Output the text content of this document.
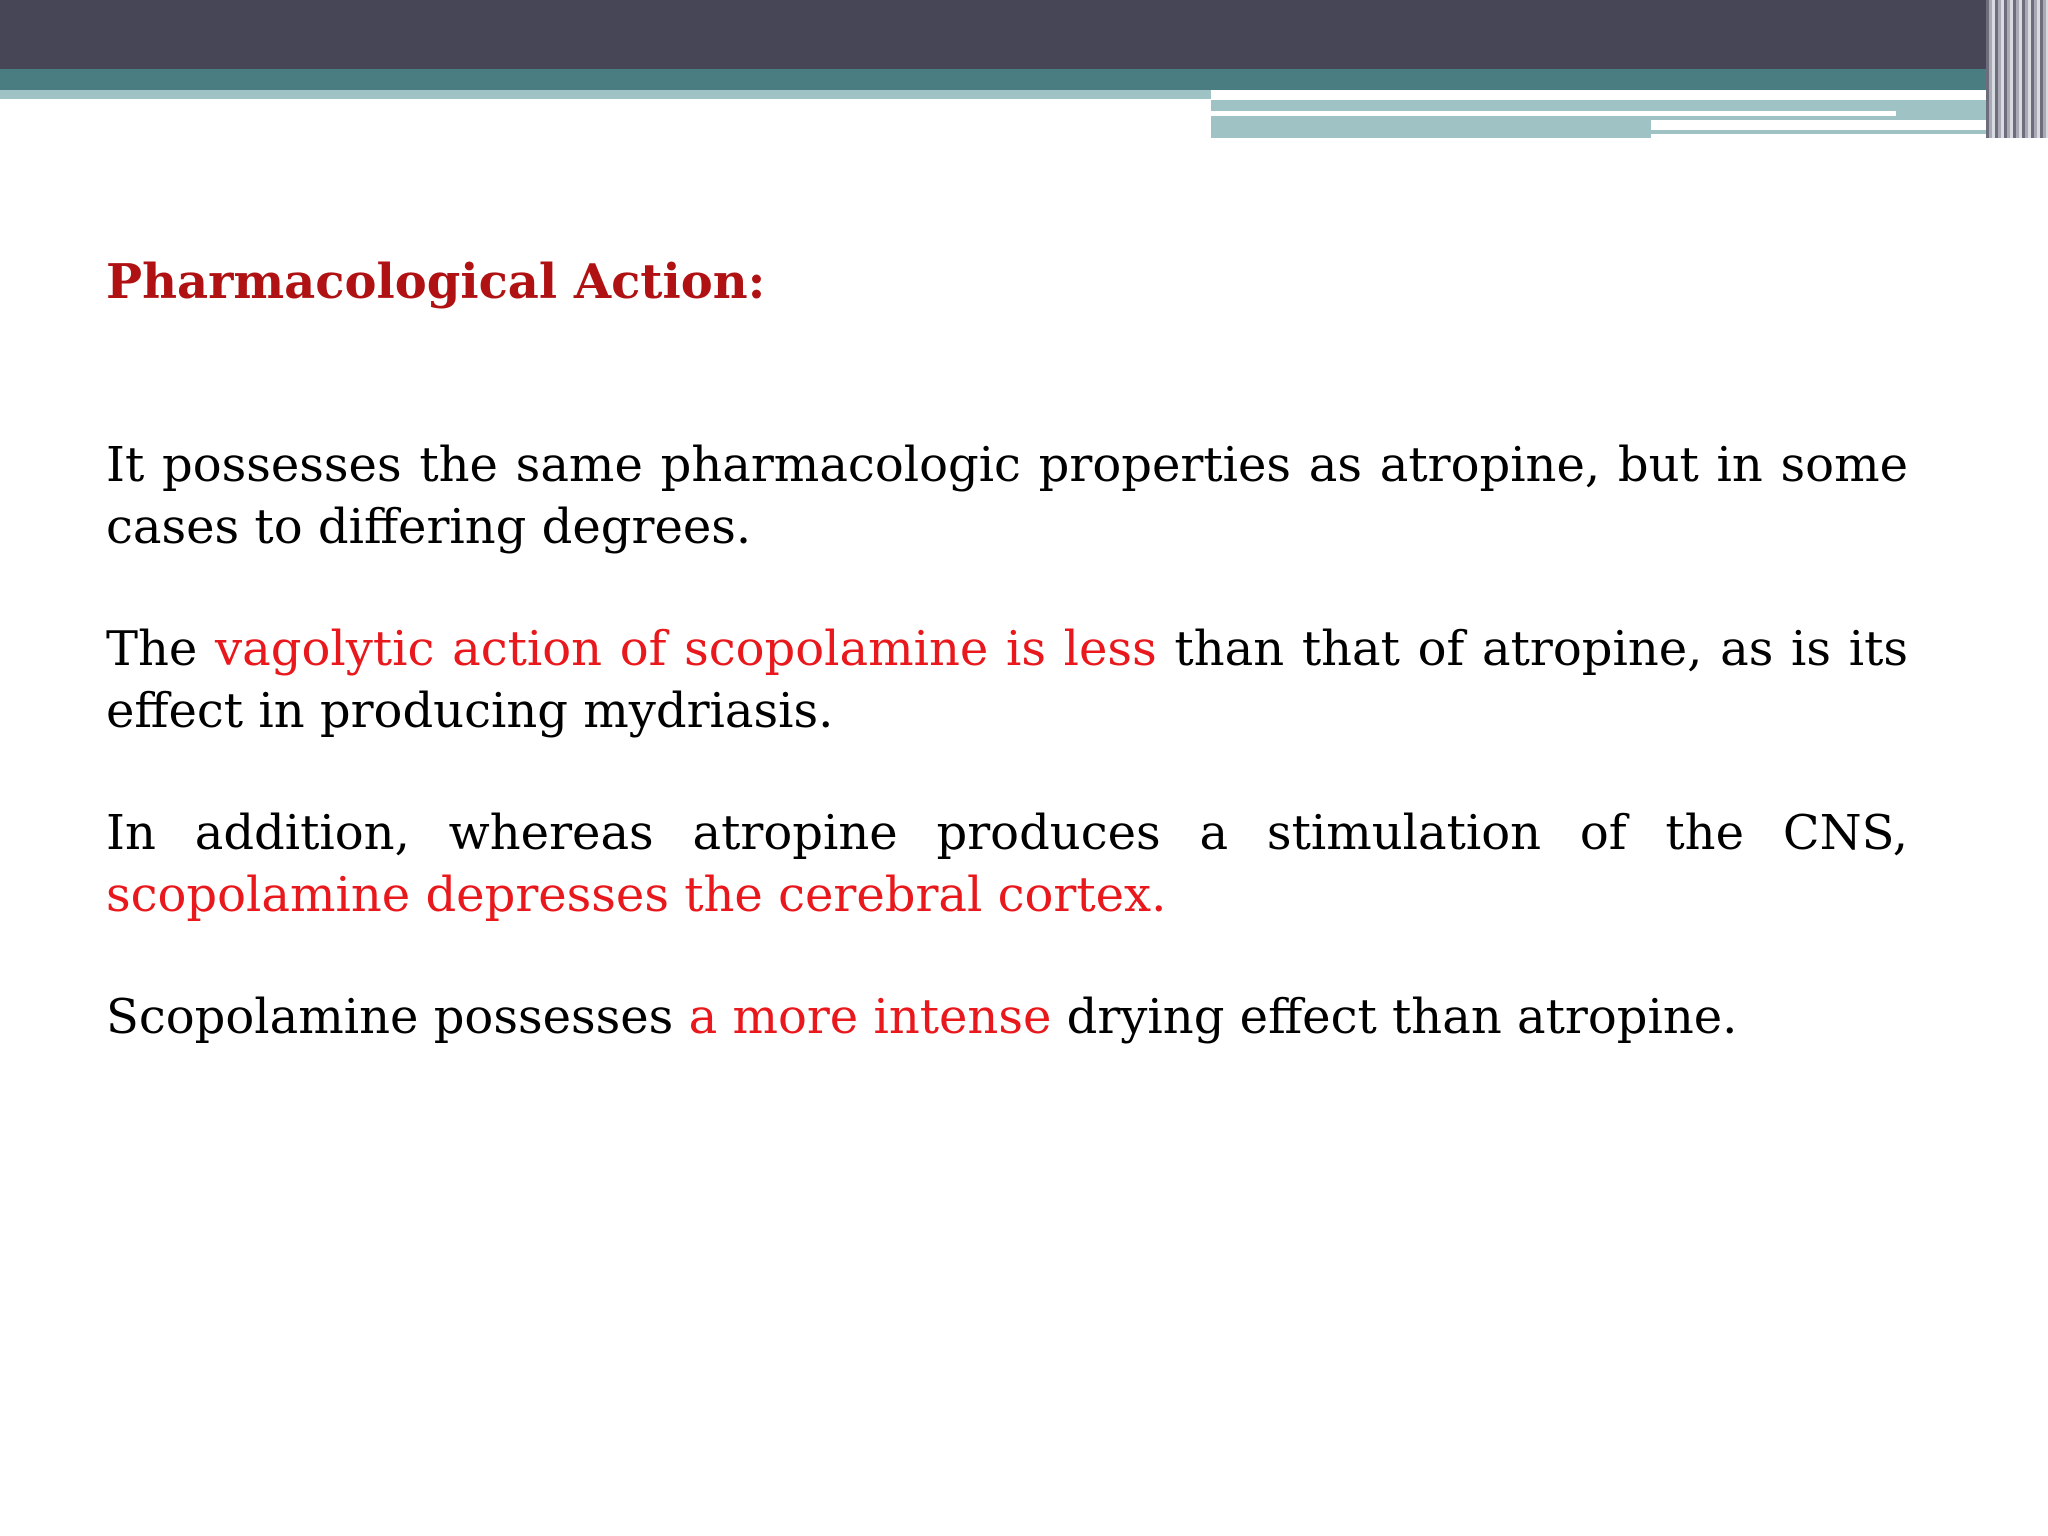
Pharmacological Action:

It possesses the same pharmacologic properties as atropine, but in some cases to differing degrees.

The vagolytic action of scopolamine is less than that of atropine, as is its effect in producing mydriasis.

In addition, whereas atropine produces a stimulation of the CNS, scopolamine depresses the cerebral cortex.

Scopolamine possesses a more intense drying effect than atropine.
